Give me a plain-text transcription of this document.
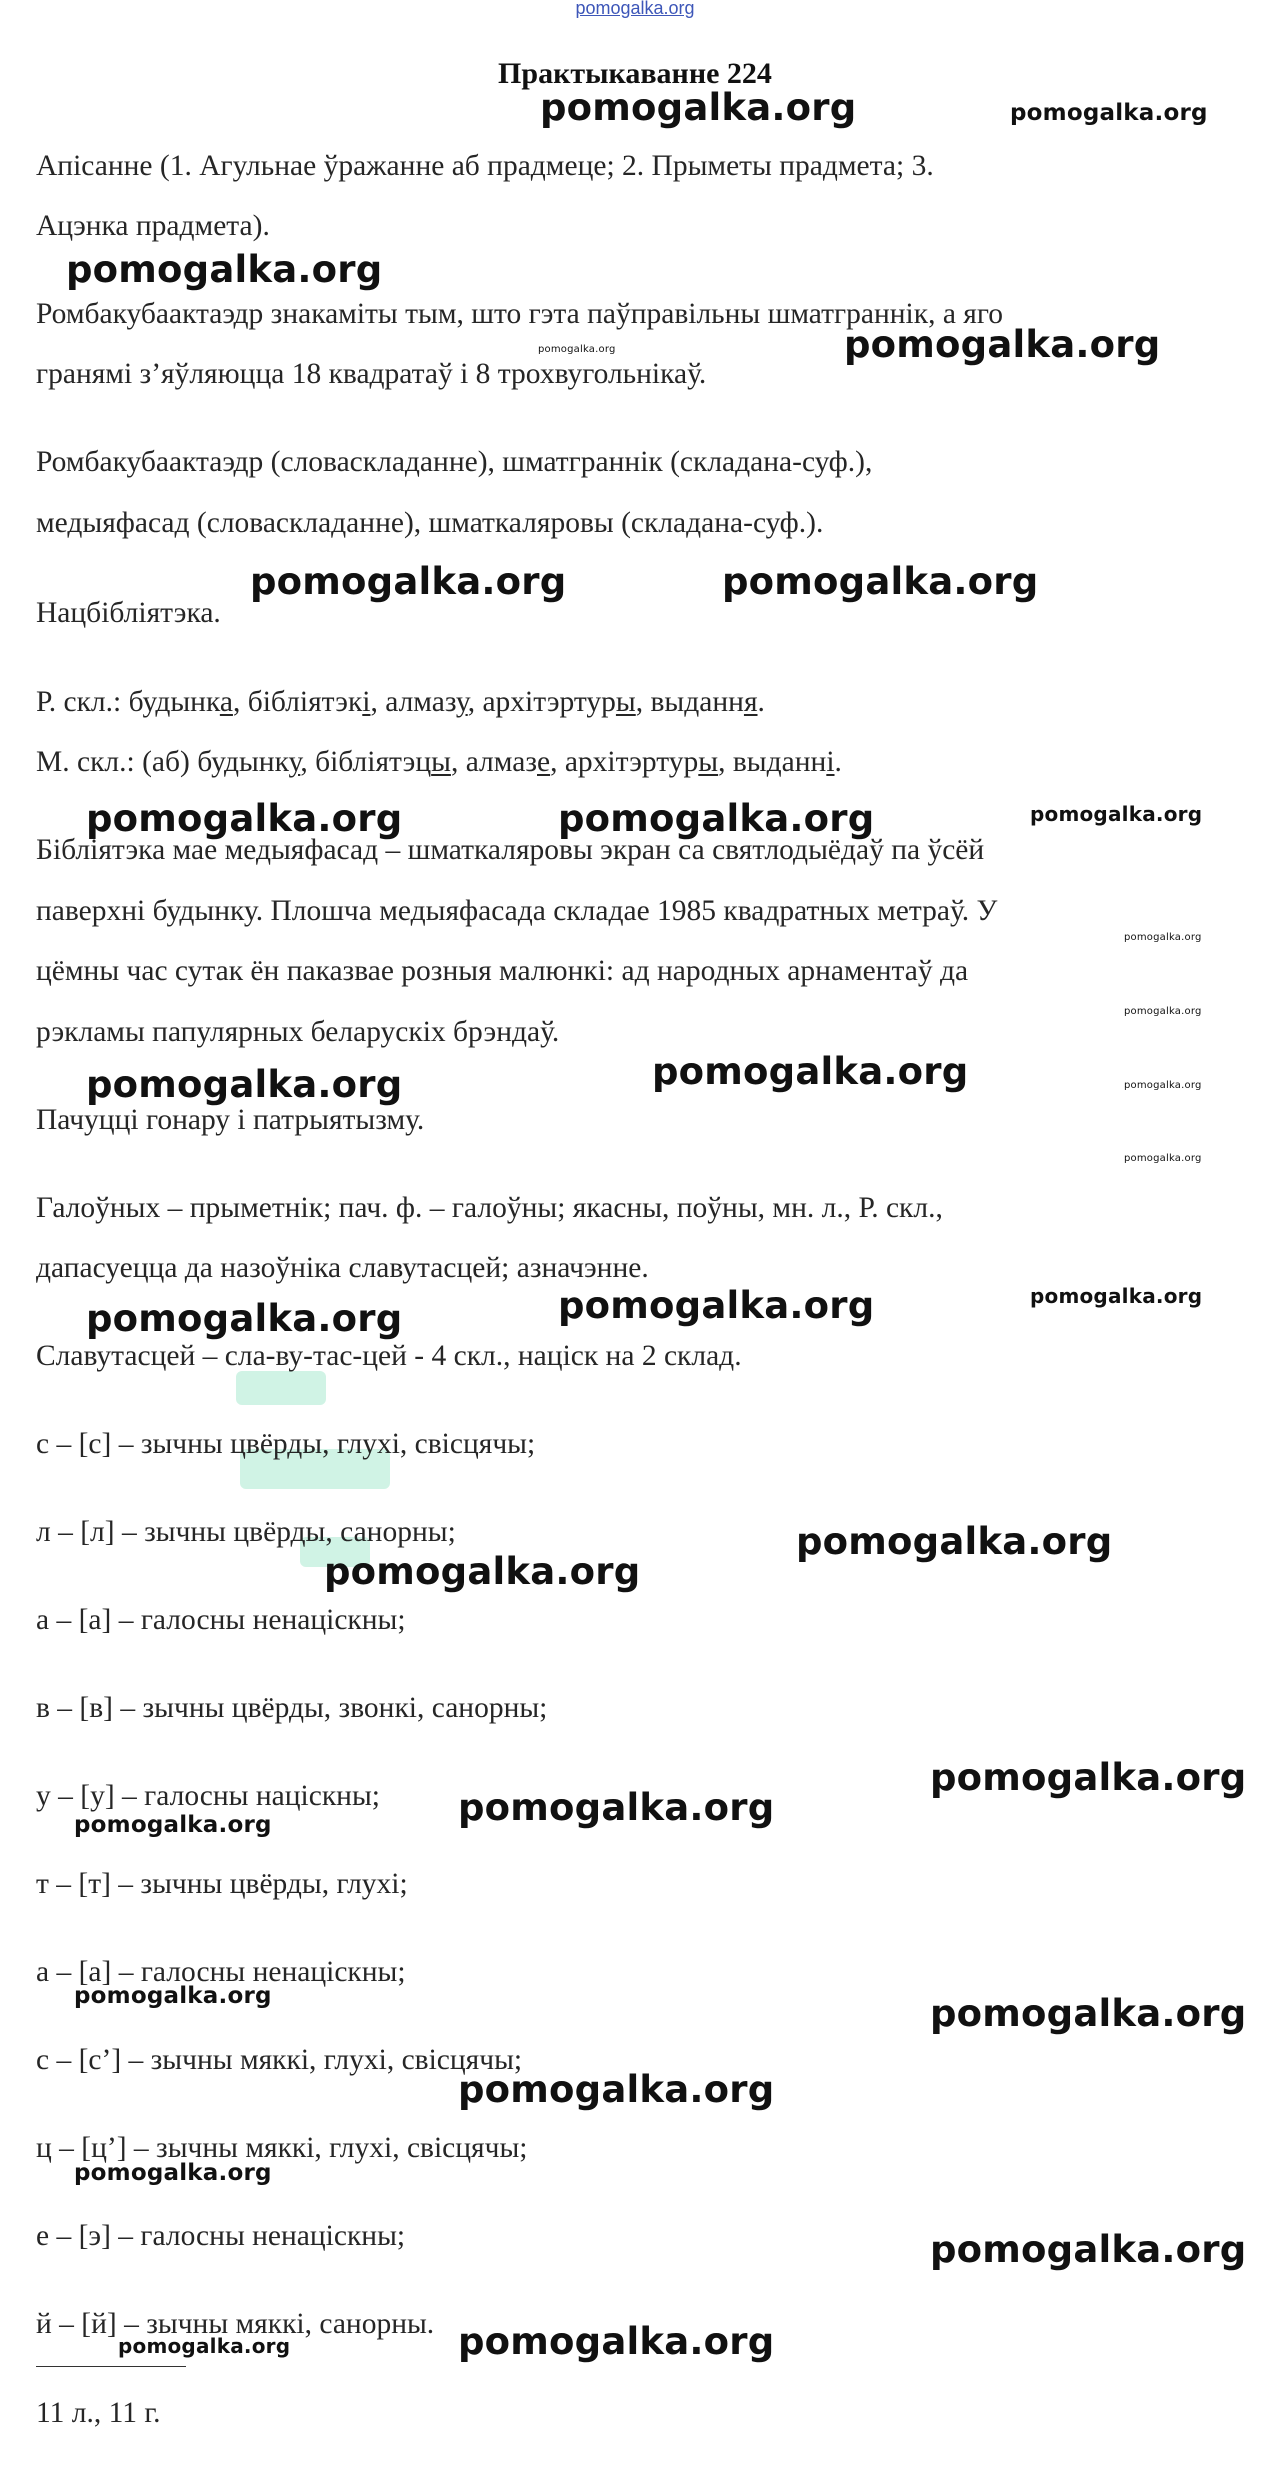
pomogalka.org
Практыкаванне 224

Апісанне (1. Агульнае ўражанне аб прадмеце; 2. Прыметы прадмета; 3.

Ацэнка прадмета).

Ромбакубаактаэдр знакаміты тым, што гэта паўправільны шматграннік, а яго

гранямі з’яўляюцца 18 квадратаў і 8 трохвугольнікаў.

Ромбакубаактаэдр (словаскладанне), шматграннік (складана-суф.),

медыяфасад (словаскладанне), шматкаляровы (складана-суф.).

Нацбібліятэка.

Р. скл.: будынка, бібліятэкі, алмазу, архітэртуры, выдання.

М. скл.: (аб) будынку, бібліятэцы, алмазе, архітэртуры, выданні.

Бібліятэка мае медыяфасад – шматкаляровы экран са святлодыёдаў па ўсёй

паверхні будынку. Плошча медыяфасада складае 1985 квадратных метраў. У

цёмны час сутак ён паказвае розныя малюнкі: ад народных арнаментаў да

рэкламы папулярных беларускіх брэндаў.

Пачуцці гонару і патрыятызму.

Галоўных – прыметнік; пач. ф. – галоўны; якасны, поўны, мн. л., Р. скл.,

дапасуецца да назоўніка славутасцей; азначэнне.

Славутасцей – сла-ву-тас-цей - 4 скл., націск на 2 склад.

с – [с] – зычны цвёрды, глухі, свісцячы;

л – [л] – зычны цвёрды, санорны;

а – [а] – галосны ненаціскны;

в – [в] – зычны цвёрды, звонкі, санорны;

у – [у] – галосны націскны;

т – [т] – зычны цвёрды, глухі;

а – [а] – галосны ненаціскны;

с – [с’] – зычны мяккі, глухі, свісцячы;

ц – [ц’] – зычны мяккі, глухі, свісцячы;

е – [э] – галосны ненаціскны;

й – [й] – зычны мяккі, санорны.

11 л., 11 г.

pomogalka.org	pomogalka.org
pomogalka.org
pomogalka.org	pomogalka.org
pomogalka.org	pomogalka.org
pomogalka.org	pomogalka.org	pomogalka.org
pomogalka.org
pomogalka.org
pomogalka.org	pomogalka.org	pomogalka.org
pomogalka.org
pomogalka.org	pomogalka.org	pomogalka.org
pomogalka.org
pomogalka.org
pomogalka.org
pomogalka.org
pomogalka.org
pomogalka.org	pomogalka.org
pomogalka.org
pomogalka.org
pomogalka.org
pomogalka.org	pomogalka.org
